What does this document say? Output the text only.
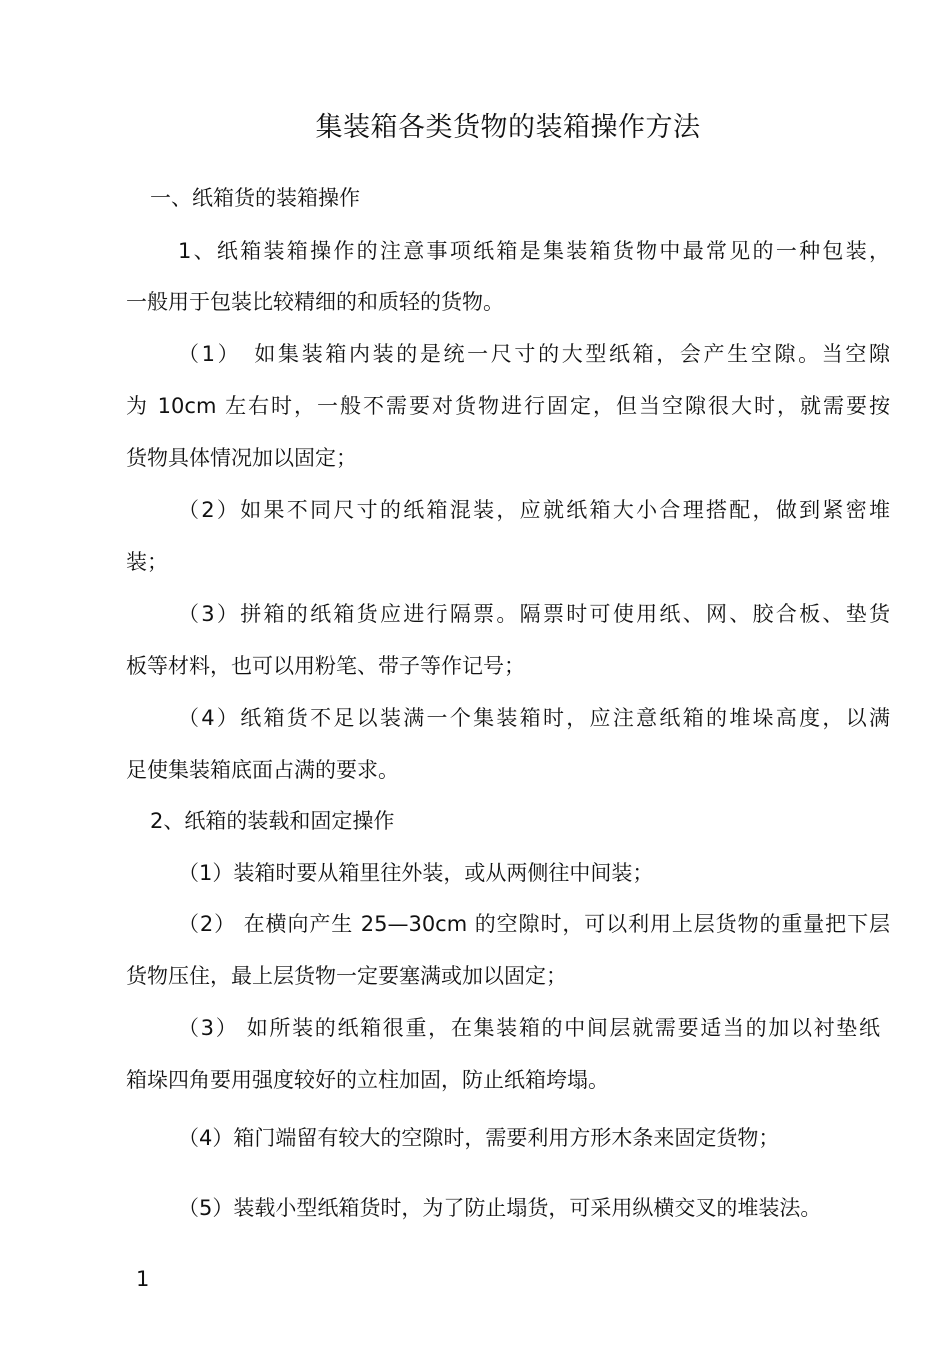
集装箱各类货物的装箱操作方法
一、纸箱货的装箱操作
1、纸箱装箱操作的注意事项纸箱是集装箱货物中最常见的一种包装，
一般用于包装比较精细的和质轻的货物。
（1）　如集装箱内装的是统一尺寸的大型纸箱，会产生空隙。当空隙
为 10cm 左右时，一般不需要对货物进行固定，但当空隙很大时，就需要按
货物具体情况加以固定；
（2）如果不同尺寸的纸箱混装，应就纸箱大小合理搭配，做到紧密堆
装；
（3）拼箱的纸箱货应进行隔票。隔票时可使用纸、网、胶合板、垫货
板等材料，也可以用粉笔、带子等作记号；
（4）纸箱货不足以装满一个集装箱时，应注意纸箱的堆垛高度，以满
足使集装箱底面占满的要求。
2、纸箱的装载和固定操作
（1）装箱时要从箱里往外装，或从两侧往中间装；
（2） 在横向产生 25—30cm 的空隙时，可以利用上层货物的重量把下层
货物压住，最上层货物一定要塞满或加以固定；
（3） 如所装的纸箱很重，在集装箱的中间层就需要适当的加以衬垫纸
箱垛四角要用强度较好的立柱加固，防止纸箱垮塌。
（4）箱门端留有较大的空隙时，需要利用方形木条来固定货物；
（5）装载小型纸箱货时，为了防止塌货，可采用纵横交叉的堆装法。
1
